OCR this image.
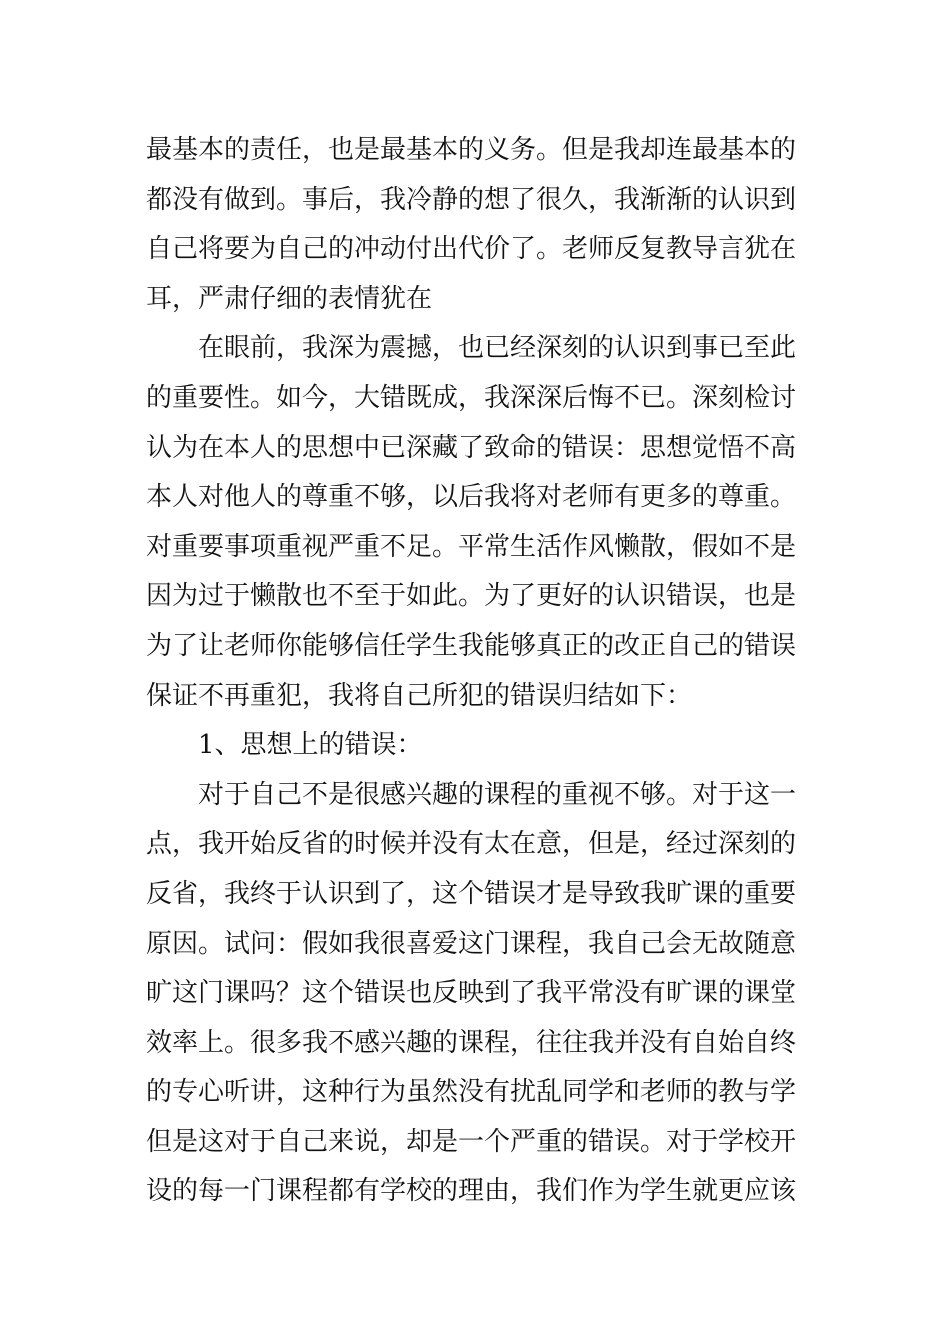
最基本的责任，也是最基本的义务。但是我却连最基本的
都没有做到。事后，我冷静的想了很久，我渐渐的认识到
自己将要为自己的冲动付出代价了。老师反复教导言犹在
耳，严肃仔细的表情犹在
在眼前，我深为震撼，也已经深刻的认识到事已至此
的重要性。如今，大错既成，我深深后悔不已。深刻检讨
认为在本人的思想中已深藏了致命的错误：思想觉悟不高
本人对他人的尊重不够，以后我将对老师有更多的尊重。
对重要事项重视严重不足。平常生活作风懒散，假如不是
因为过于懒散也不至于如此。为了更好的认识错误，也是
为了让老师你能够信任学生我能够真正的改正自己的错误
保证不再重犯，我将自己所犯的错误归结如下：
1、思想上的错误：
对于自己不是很感兴趣的课程的重视不够。对于这一
点，我开始反省的时候并没有太在意，但是，经过深刻的
反省，我终于认识到了，这个错误才是导致我旷课的重要
原因。试问：假如我很喜爱这门课程，我自己会无故随意
旷这门课吗？这个错误也反映到了我平常没有旷课的课堂
效率上。很多我不感兴趣的课程，往往我并没有自始自终
的专心听讲，这种行为虽然没有扰乱同学和老师的教与学
但是这对于自己来说，却是一个严重的错误。对于学校开
设的每一门课程都有学校的理由，我们作为学生就更应该
